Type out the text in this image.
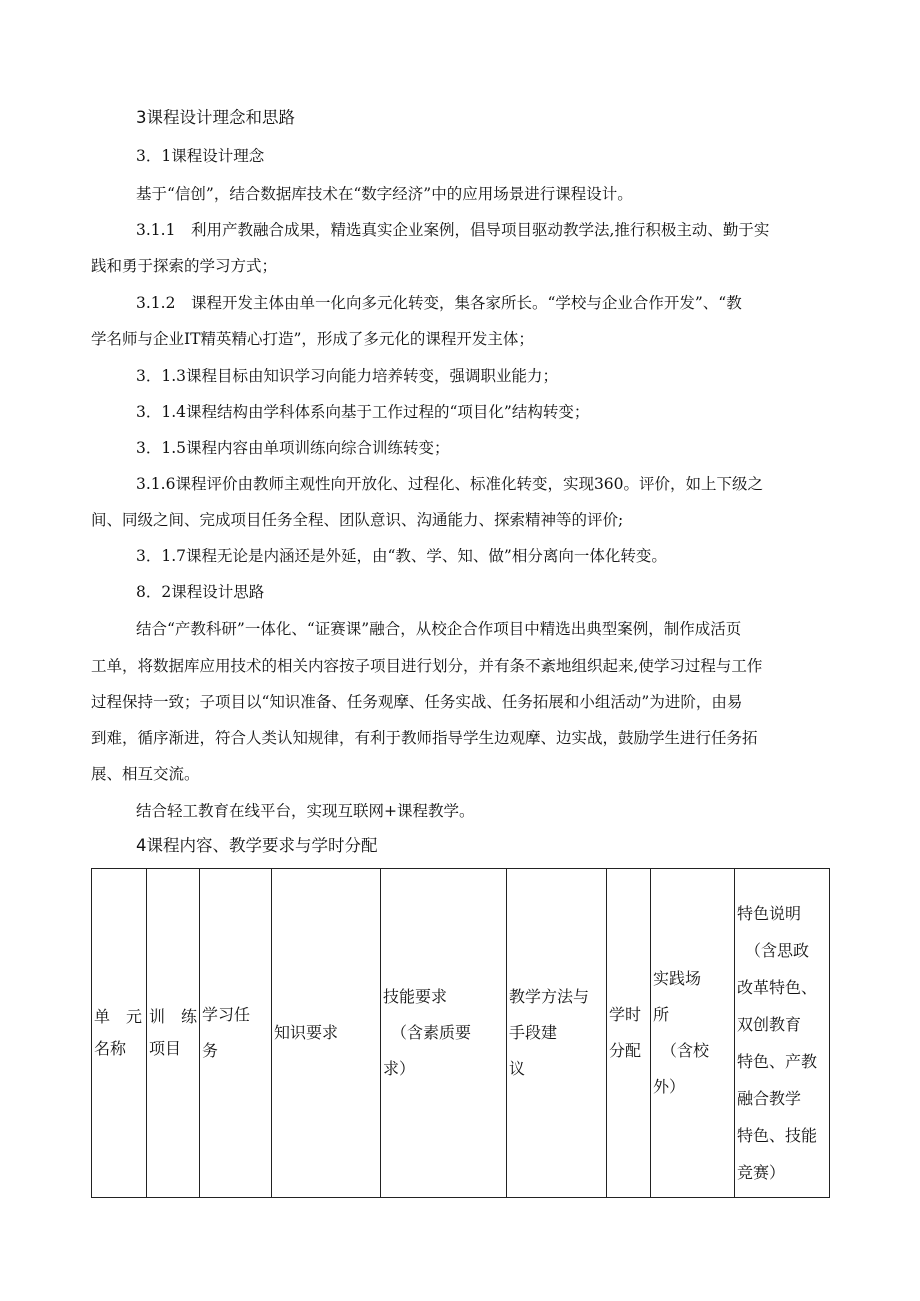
3课程设计理念和思路
3．1课程设计理念
基于“信创”，结合数据库技术在“数字经济”中的应用场景进行课程设计。
3.1.1　利用产教融合成果，精选真实企业案例，倡导项目驱动教学法,推行积极主动、勤于实
践和勇于探索的学习方式；
3.1.2　课程开发主体由单一化向多元化转变，集各家所长。“学校与企业合作开发”、“教
学名师与企业IT精英精心打造”，形成了多元化的课程开发主体；
3．1.3课程目标由知识学习向能力培养转变，强调职业能力；
3．1.4课程结构由学科体系向基于工作过程的“项目化”结构转变；
3．1.5课程内容由单项训练向综合训练转变；
3.1.6课程评价由教师主观性向开放化、过程化、标准化转变，实现360。评价，如上下级之
间、同级之间、完成项目任务全程、团队意识、沟通能力、探索精神等的评价;
3．1.7课程无论是内涵还是外延，由“教、学、知、做”相分离向一体化转变。
8．2课程设计思路
结合“产教科研”一体化、“证赛课”融合，从校企合作项目中精选出典型案例，制作成活页
工单，将数据库应用技术的相关内容按子项目进行划分，并有条不紊地组织起来,使学习过程与工作
过程保持一致；子项目以“知识准备、任务观摩、任务实战、任务拓展和小组活动”为进阶，由易
到难，循序渐进，符合人类认知规律，有利于教师指导学生边观摩、边实战，鼓励学生进行任务拓
展、相互交流。
结合轻工教育在线平台，实现互联网+课程教学。
4课程内容、教学要求与学时分配
单　元
名称

训　练
项目

学习任
务

知识要求

技能要求
　（含素质要
求）

教学方法与
手段建
议

学时
分配

实践场
所
　（含校
外）

特色说明
　（含思政
改革特色、
双创教育
特色、产教
融合教学
特色、技能
竞赛）
